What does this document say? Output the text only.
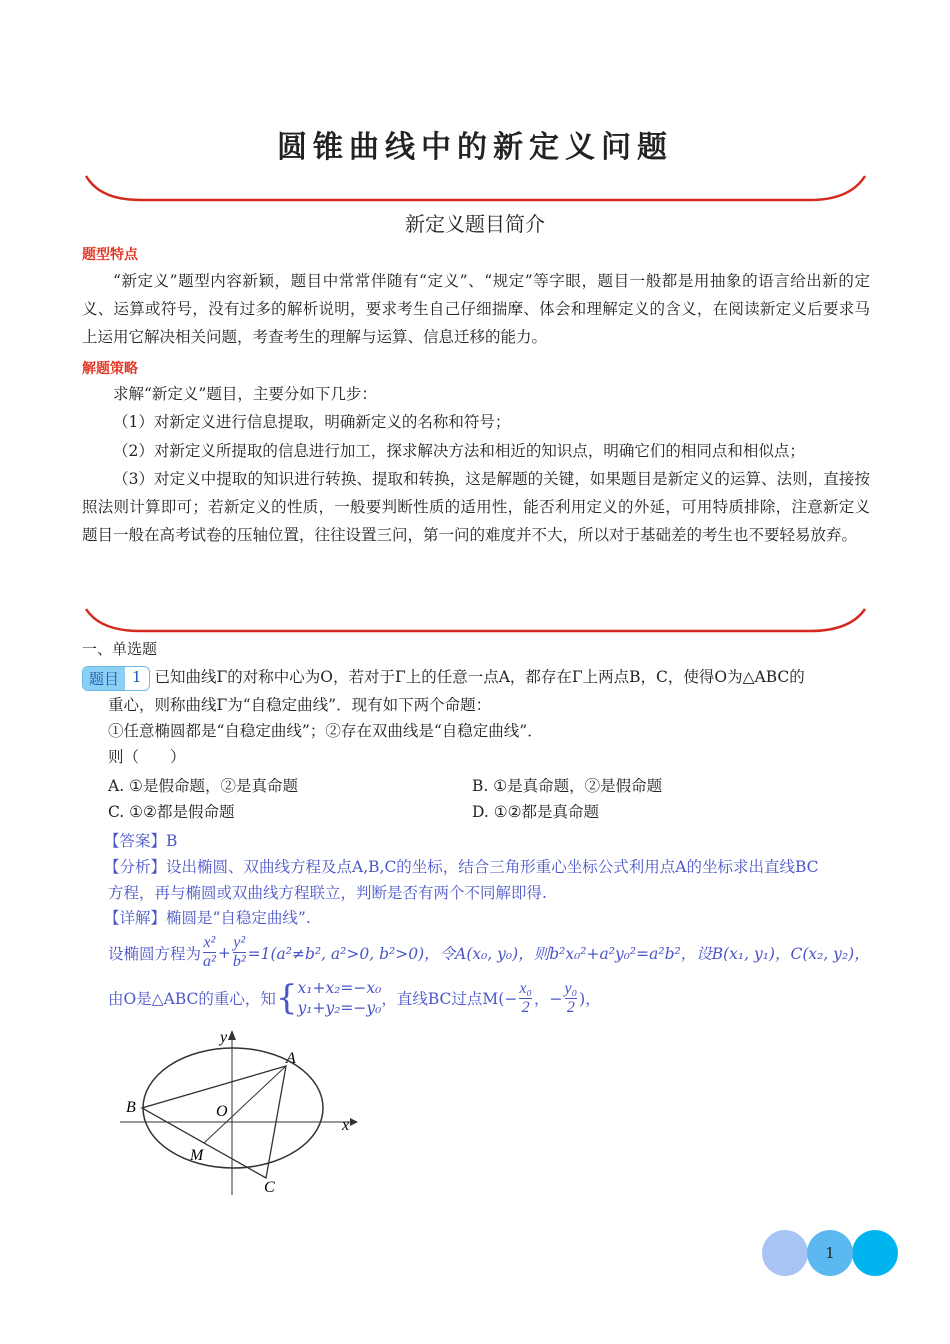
圆锥曲线中的新定义问题
新定义题目简介
题型特点
“新定义”题型内容新颖，题目中常常伴随有“定义”、“规定”等字眼，题目一般都是用抽象的语言给出新的定义、运算或符号，没有过多的解析说明，要求考生自己仔细揣摩、体会和理解定义的含义，在阅读新定义后要求马上运用它解决相关问题，考查考生的理解与运算、信息迁移的能力。
解题策略
求解“新定义”题目，主要分如下几步：
（1）对新定义进行信息提取，明确新定义的名称和符号；
（2）对新定义所提取的信息进行加工，探求解决方法和相近的知识点，明确它们的相同点和相似点；
（3）对定义中提取的知识进行转换、提取和转换，这是解题的关键，如果题目是新定义的运算、法则，直接按照法则计算即可；若新定义的性质，一般要判断性质的适用性，能否利用定义的外延，可用特质排除，注意新定义题目一般在高考试卷的压轴位置，往往设置三问，第一问的难度并不大，所以对于基础差的考生也不要轻易放弃。
一、单选题
题目 1 已知曲线Γ的对称中心为O，若对于Γ上的任意一点A，都存在Γ上两点B，C，使得O为△ABC的
重心，则称曲线Γ为“自稳定曲线”．现有如下两个命题：
①任意椭圆都是“自稳定曲线”；②存在双曲线是“自稳定曲线”．
则（　　）
A. ①是假命题，②是真命题	B. ①是真命题，②是假命题
C. ①②都是假命题	D. ①②都是真命题
【答案】B
【分析】设出椭圆、双曲线方程及点A,B,C的坐标，结合三角形重心坐标公式利用点A的坐标求出直线BC
方程，再与椭圆或双曲线方程联立，判断是否有两个不同解即得.
【详解】椭圆是“自稳定曲线”.
设椭圆方程为 $\frac{\text{x²}}{\text{a²}} + \frac{\text{y²}}{\text{b²}} =1(a^2\ne b^2$, a²>0, b²>0)，令A(x₀, y₀)，则b²x₀²+a²y₀²=a²b²，设B(x₁, y₁)，C(x₂, y₂)，
由O是△ABC的重心，知 { x₁+x₂=−x₀
y₁+y₂=−y₀ ，直线BC过点$M(- \frac{\text{x₀}}{2}$ ，− $\frac{\text{y₀}}{2}$ )，
y
x
O
A
B
C
M
1
